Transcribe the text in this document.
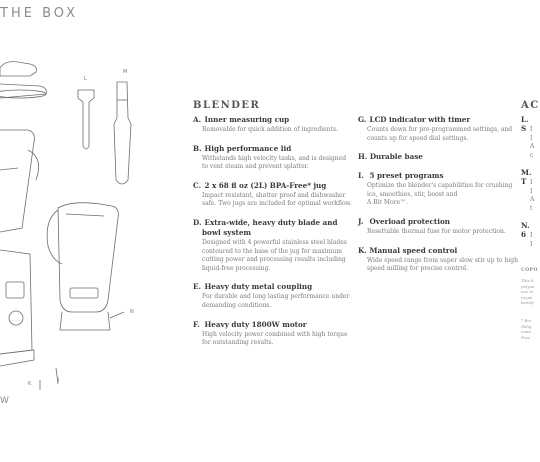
THE BOX
L
M
N
K
J
W
BLENDER
A. Inner measuring cup
Removable for quick addition of ingredients.
B. High performance lid
Withstands high velocity tasks, and is designed
to vent steam and prevent splatter.
C. 2 x 68 fl oz (2L) BPA-Free* jug
Impact resistant, shatter proof and dishwasher
safe. Two jugs are included for optimal workflow.
D. Extra-wide, heavy duty blade and
bowl system
Designed with 4 powerful stainless steel blades
contoured to the base of the jug for maximum
cutting power and processing results including
liquid-free processing.
E. Heavy duty metal coupling
For durable and long lasting performance under
demanding conditions.
F. Heavy duty 1800W motor
High velocity power combined with high torque
for outstanding results.
G. LCD indicator with timer
Counts down for pre-programmed settings, and
counts up for speed dial settings.
H. Durable base
I. 5 preset programs
Optimize the blender's capabilities for crushing
ice, smoothies, stir, boost and
A Bit More™.
J. Overload protection
Resettable thermal fuse for motor protection.
K. Manual speed control
Wide speed range from super slow stir up to high
speed milling for precise control.
AC
L. S I
I
A
c
M. T I
I
A
t
N. 6 I
I
COPO
This b
polyan
use m
respo
benefi
* Bre
(bilig
mate
Free
